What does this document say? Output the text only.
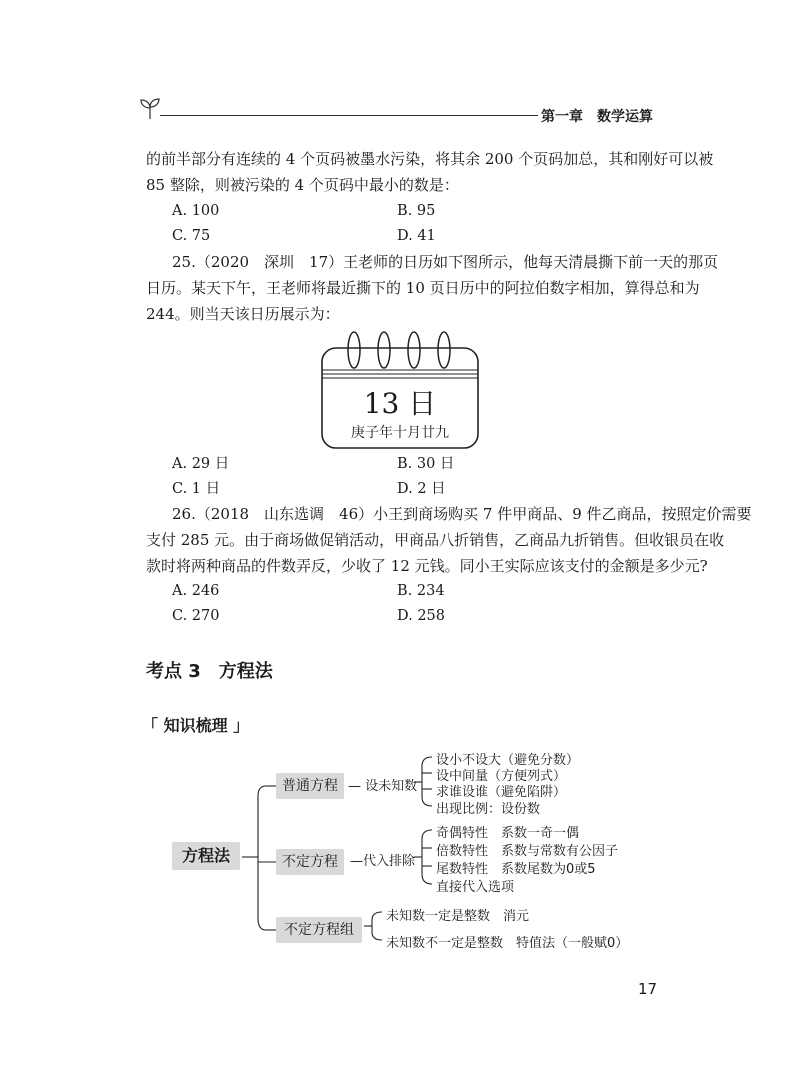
第一章　数学运算
的前半部分有连续的 4 个页码被墨水污染，将其余 200 个页码加总，其和刚好可以被
85 整除，则被污染的 4 个页码中最小的数是：
A. 100	B. 95
C. 75	D. 41
25.（2020　深圳　17）王老师的日历如下图所示，他每天清晨撕下前一天的那页
日历。某天下午，王老师将最近撕下的 10 页日历中的阿拉伯数字相加，算得总和为
244。则当天该日历展示为：
13 日
庚子年十月廿九
A. 29 日	B. 30 日
C. 1 日	D. 2 日
26.（2018　山东选调　46）小王到商场购买 7 件甲商品、9 件乙商品，按照定价需要
支付 285 元。由于商场做促销活动，甲商品八折销售，乙商品九折销售。但收银员在收
款时将两种商品的件数弄反，少收了 12 元钱。同小王实际应该支付的金额是多少元?
A. 246	B. 234
C. 270	D. 258
考点 3　方程法
「 知识梳理 」
方程法
普通方程 — 设未知数
设小不设大（避免分数）
设中间量（方便列式）
求谁设谁（避免陷阱）
出现比例：设份数
不定方程 —代入排除
奇偶特性　系数一奇一偶
倍数特性　系数与常数有公因子
尾数特性　系数尾数为0或5
直接代入选项
不定方程组
未知数一定是整数　消元
未知数不一定是整数　特值法（一般赋0）
17
